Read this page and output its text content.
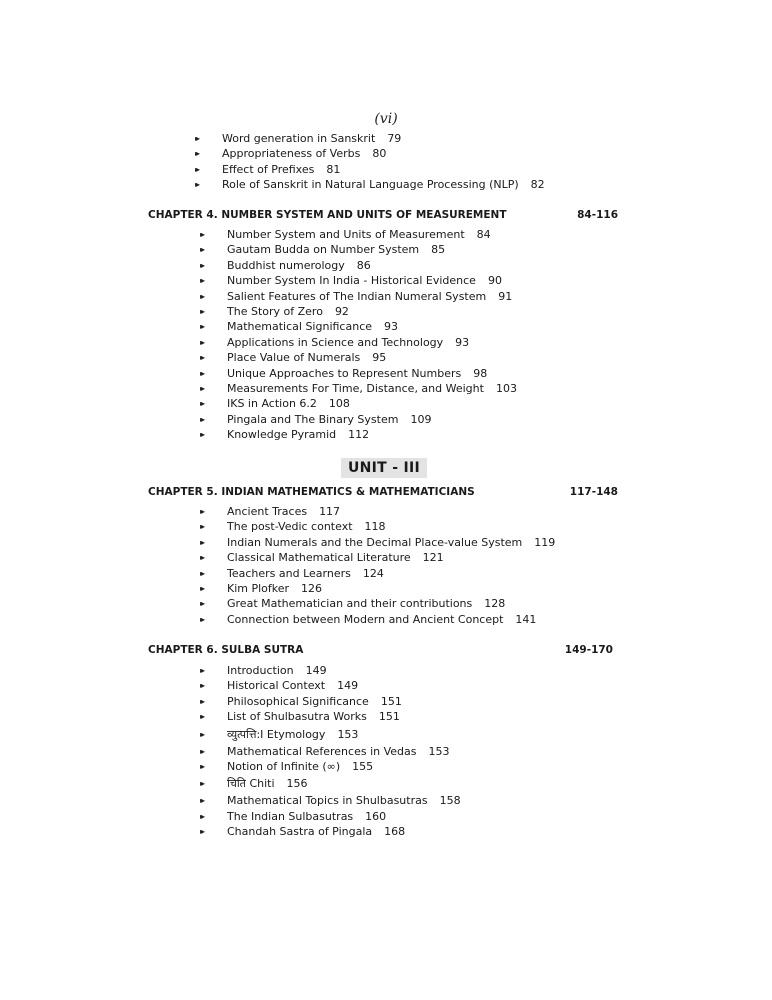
(vi)
▸▸
Word generation in Sanskrit 79
▸▸
Appropriateness of Verbs 80
▸▸
Effect of Prefixes 81
▸▸
Role of Sanskrit in Natural Language Processing (NLP) 82
CHAPTER 4. NUMBER SYSTEM AND UNITS OF MEASUREMENT	84-116
▸▸
Number System and Units of Measurement 84
▸▸
Gautam Budda on Number System 85
▸▸
Buddhist numerology 86
▸▸
Number System In India - Historical Evidence 90
▸▸
Salient Features of The Indian Numeral System 91
▸▸
The Story of Zero 92
▸▸
Mathematical Significance 93
▸▸
Applications in Science and Technology 93
▸▸
Place Value of Numerals 95
▸▸
Unique Approaches to Represent Numbers 98
▸▸
Measurements For Time, Distance, and Weight 103
▸▸
IKS in Action 6.2 108
▸▸
Pingala and The Binary System 109
▸▸
Knowledge Pyramid 112
UNIT - III
CHAPTER 5. INDIAN MATHEMATICS & MATHEMATICIANS	117-148
▸▸
Ancient Traces 117
▸▸
The post-Vedic context 118
▸▸
Indian Numerals and the Decimal Place-value System 119
▸▸
Classical Mathematical Literature 121
▸▸
Teachers and Learners 124
▸▸
Kim Plofker 126
▸▸
Great Mathematician and their contributions 128
▸▸
Connection between Modern and Ancient Concept 141
CHAPTER 6. SULBA SUTRA	149-170
▸▸
Introduction 149
▸▸
Historical Context 149
▸▸
Philosophical Significance 151
▸▸
List of Shulbasutra Works 151
▸▸
व्युत्पत्ति:I Etymology 153
▸▸
Mathematical References in Vedas 153
▸▸
Notion of Infinite (∞) 155
▸▸
चिति Chiti 156
▸▸
Mathematical Topics in Shulbasutras 158
▸▸
The Indian Sulbasutras 160
▸▸
Chandah Sastra of Pingala 168
